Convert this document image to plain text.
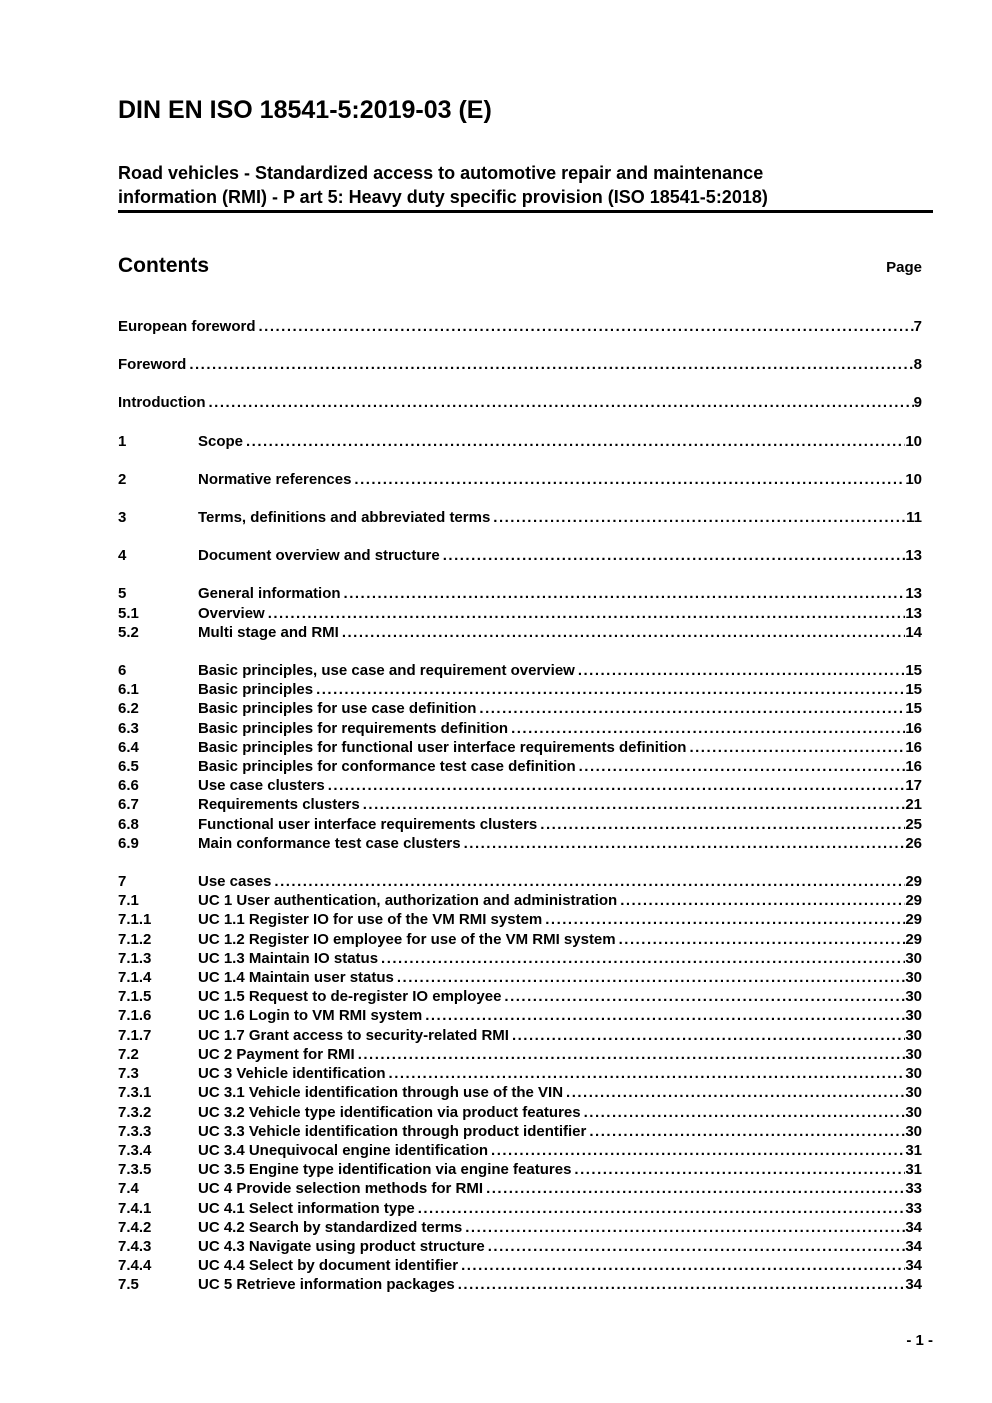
DIN EN ISO 18541-5:2019-03 (E)
Road vehicles - Standardized access to automotive repair and maintenance
information (RMI) - P art 5: Heavy duty specific provision (ISO 18541-5:2018)
Contents	Page
European foreword .....	7
Foreword .....	8
Introduction .....	9
1	Scope .....	10
2	Normative references .....	10
3	Terms, definitions and abbreviated terms .....	11
4	Document overview and structure .....	13
5	General information .....	13
5.1	Overview .....	13
5.2	Multi stage and RMI .....	14
6	Basic principles, use case and requirement overview .....	15
6.1	Basic principles .....	15
6.2	Basic principles for use case definition .....	15
6.3	Basic principles for requirements definition .....	16
6.4	Basic principles for functional user interface requirements definition .....	16
6.5	Basic principles for conformance test case definition .....	16
6.6	Use case clusters .....	17
6.7	Requirements clusters .....	21
6.8	Functional user interface requirements clusters .....	25
6.9	Main conformance test case clusters .....	26
7	Use cases .....	29
7.1	UC 1 User authentication, authorization and administration .....	29
7.1.1	UC 1.1 Register IO for use of the VM RMI system .....	29
7.1.2	UC 1.2 Register IO employee for use of the VM RMI system .....	29
7.1.3	UC 1.3 Maintain IO status .....	30
7.1.4	UC 1.4 Maintain user status .....	30
7.1.5	UC 1.5 Request to de-register IO employee .....	30
7.1.6	UC 1.6 Login to VM RMI system .....	30
7.1.7	UC 1.7 Grant access to security-related RMI .....	30
7.2	UC 2 Payment for RMI .....	30
7.3	UC 3 Vehicle identification .....	30
7.3.1	UC 3.1 Vehicle identification through use of the VIN .....	30
7.3.2	UC 3.2 Vehicle type identification via product features .....	30
7.3.3	UC 3.3 Vehicle identification through product identifier .....	30
7.3.4	UC 3.4 Unequivocal engine identification .....	31
7.3.5	UC 3.5 Engine type identification via engine features .....	31
7.4	UC 4 Provide selection methods for RMI .....	33
7.4.1	UC 4.1 Select information type .....	33
7.4.2	UC 4.2 Search by standardized terms .....	34
7.4.3	UC 4.3 Navigate using product structure .....	34
7.4.4	UC 4.4 Select by document identifier .....	34
7.5	UC 5 Retrieve information packages .....	34
- 1 -
